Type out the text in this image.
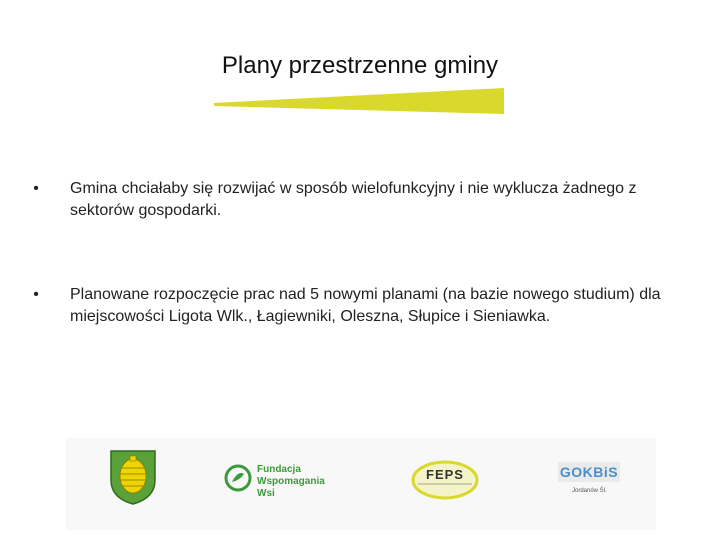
Plany przestrzenne gminy
•	Gmina chciałaby się rozwijać w sposób wielofunkcyjny i nie wyklucza żadnego z sektorów gospodarki.
•	Planowane rozpoczęcie prac nad 5 nowymi planami (na bazie nowego studium) dla miejscowości Ligota Wlk., Łagiewniki, Oleszna, Słupice i Sieniawka.
Fundacja
Wspomagania Wsi
FEPS	GOKBiS
Jordanów Śl.
